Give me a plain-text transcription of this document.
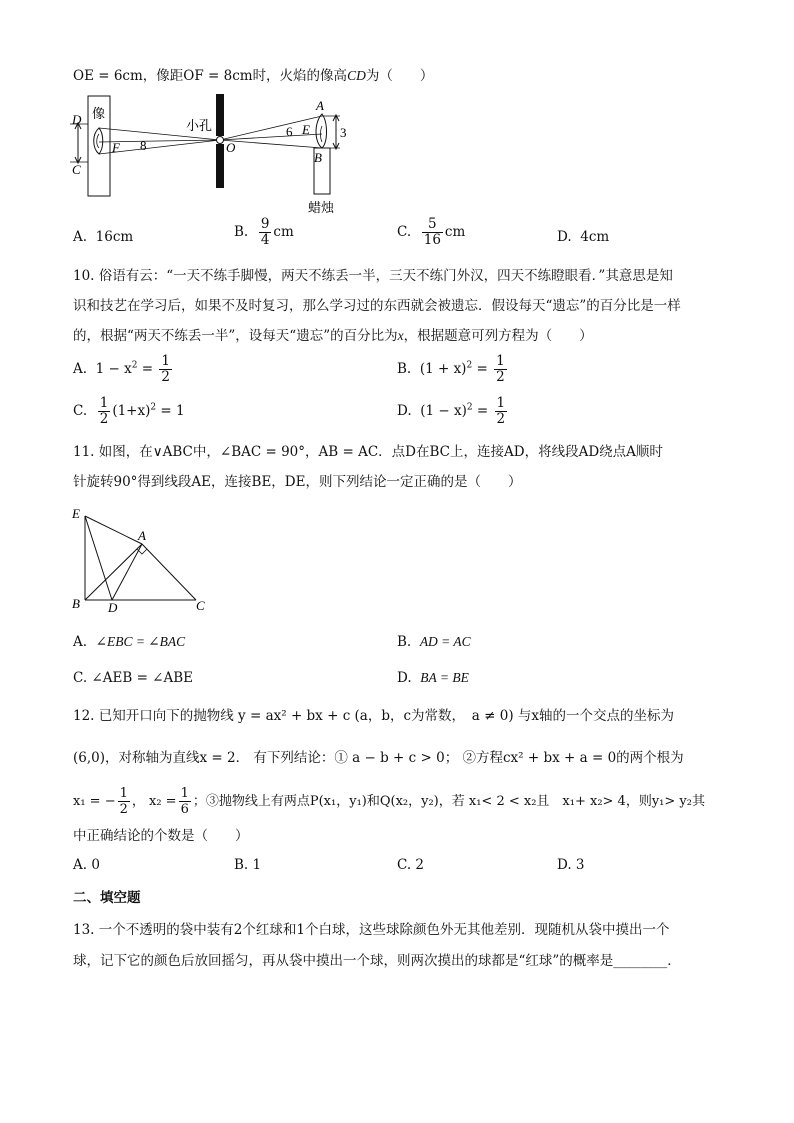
OE = 6cm，像距OF = 8cm时，火焰的像高CD为（　　）
D
C
像
F 8
小孔
O
6 E
A
B
3
蜡烛
A. 16cm	B. $\frac{9}{4}$ cm	C. $\frac{5}{16}$ cm	D. 4cm
10. 俗语有云：“一天不练手脚慢，两天不练丢一半，三天不练门外汉，四天不练瞪眼看．”其意思是知
识和技艺在学习后，如果不及时复习，那么学习过的东西就会被遗忘．假设每天“遗忘”的百分比是一样
的，根据“两天不练丢一半”，设每天“遗忘”的百分比为x，根据题意可列方程为（　　）
A. $1 - x^2 = \frac{1}{2}$	B. $(1 + x)^2 = \frac{1}{2}$
C. $\frac{1}{2} (1+x)^2 = 1$	D. $(1 - x)^2 = \frac{1}{2}$
11. 如图，在∨ABC中，∠BAC = 90°，AB = AC．点D在BC上，连接AD，将线段AD绕点A顺时
针旋转90°得到线段AE，连接BE，DE，则下列结论一定正确的是（　　）
E
A
B D	C
A. ∠EBC = ∠BAC	B. AD = AC
C. ∠AEB = ∠ABE	D. BA = BE
12. 已知开口向下的抛物线 y = ax² + bx + c (a，b，c为常数，　a ≠ 0) 与x轴的一个交点的坐标为
(6,0)，对称轴为直线x = 2． 有下列结论：① a − b + c > 0； ②方程cx² + bx + a = 0的两个根为
x₁ = − $\frac{1}{2}$ ， $x_2 = \frac{1}{6}$ ；③抛物线上有两点P(x₁，y₁)和Q(x₂，y₂)，若 x₁< 2 < x₂且　x₁+ x₂> 4，则y₁> y₂其
中正确结论的个数是（　　）
A. 0	B. 1	C. 2	D. 3
二、填空题
13. 一个不透明的袋中装有2个红球和1个白球，这些球除颜色外无其他差别．现随机从袋中摸出一个
球，记下它的颜色后放回摇匀，再从袋中摸出一个球，则两次摸出的球都是“红球”的概率是________．
